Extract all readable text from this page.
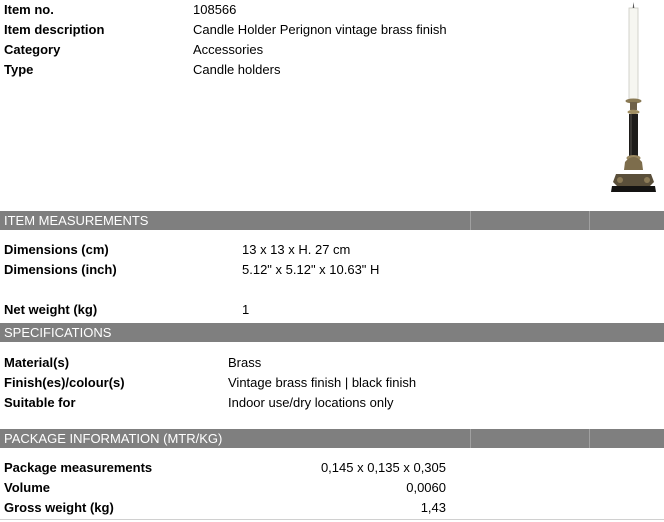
Item no.	108566
Item description	Candle Holder Perignon vintage brass finish
Category	Accessories
Type	Candle holders
ITEM MEASUREMENTS
Dimensions (cm)	13 x 13 x H. 27 cm
Dimensions (inch)	5.12" x 5.12" x 10.63" H
Net weight (kg)	1
SPECIFICATIONS
Material(s)	Brass
Finish(es)/colour(s)	Vintage brass finish | black finish
Suitable for	Indoor use/dry locations only
PACKAGE INFORMATION (MTR/KG)
Package measurements	0,145 x 0,135 x 0,305
Volume	0,0060
Gross weight (kg)	1,43
